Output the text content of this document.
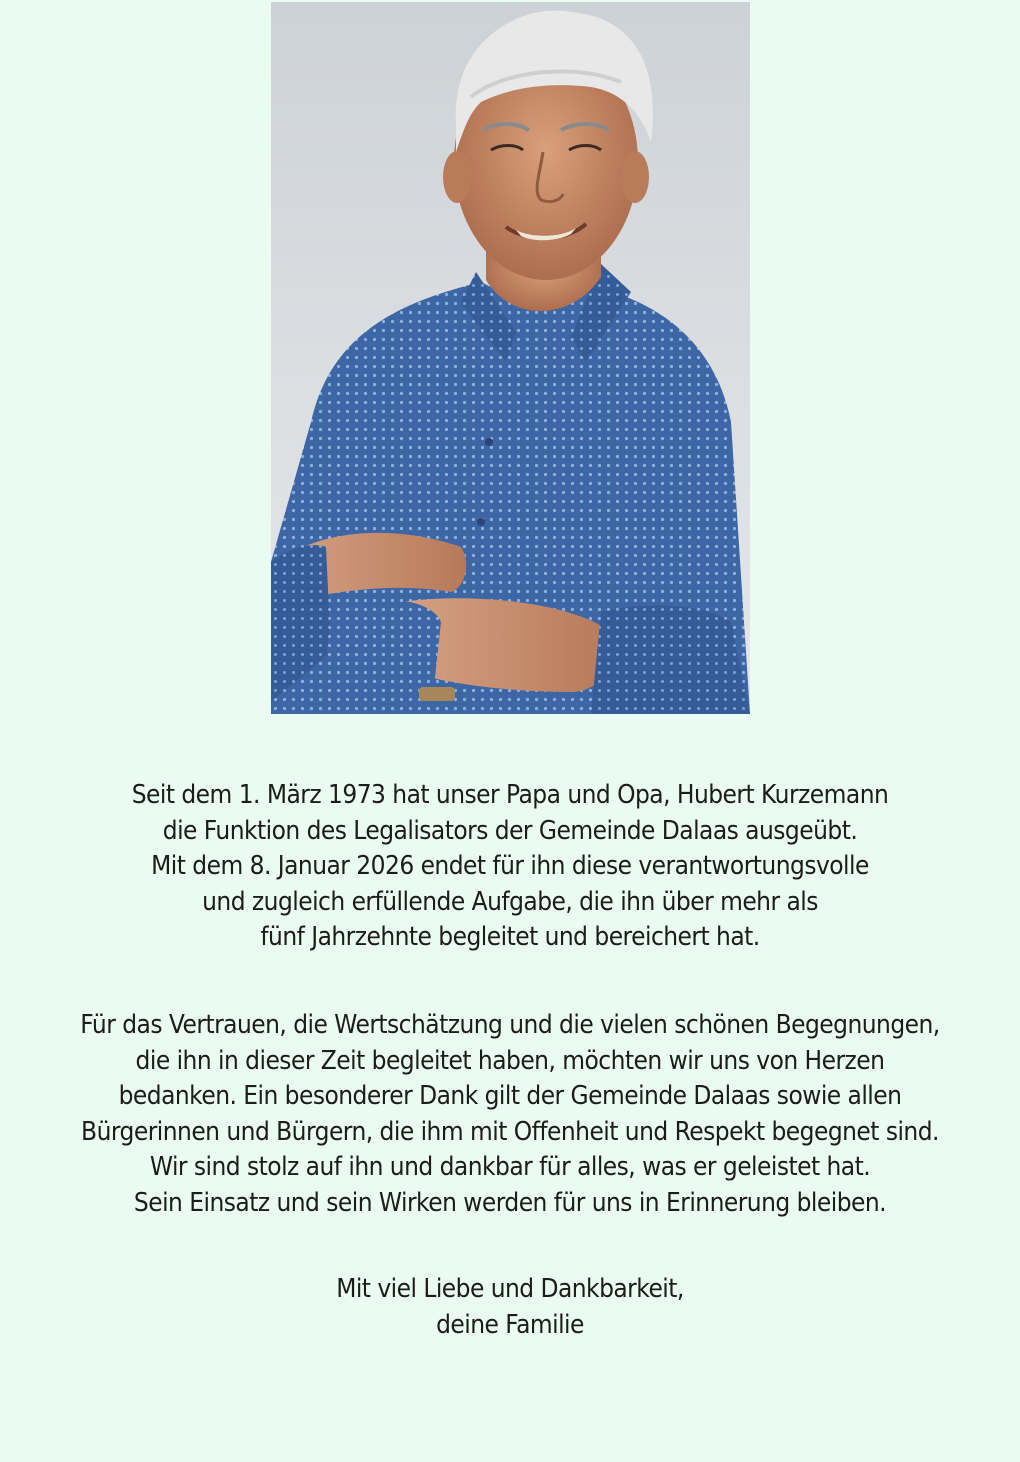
Seit dem 1. März 1973 hat unser Papa und Opa, Hubert Kurzemann
die Funktion des Legalisators der Gemeinde Dalaas ausgeübt.
Mit dem 8. Januar 2026 endet für ihn diese verantwortungsvolle
und zugleich erfüllende Aufgabe, die ihn über mehr als
fünf Jahrzehnte begleitet und bereichert hat.
Für das Vertrauen, die Wertschätzung und die vielen schönen Begegnungen,
die ihn in dieser Zeit begleitet haben, möchten wir uns von Herzen
bedanken. Ein besonderer Dank gilt der Gemeinde Dalaas sowie allen
Bürgerinnen und Bürgern, die ihm mit Offenheit und Respekt begegnet sind.
Wir sind stolz auf ihn und dankbar für alles, was er geleistet hat.
Sein Einsatz und sein Wirken werden für uns in Erinnerung bleiben.
Mit viel Liebe und Dankbarkeit,
deine Familie
